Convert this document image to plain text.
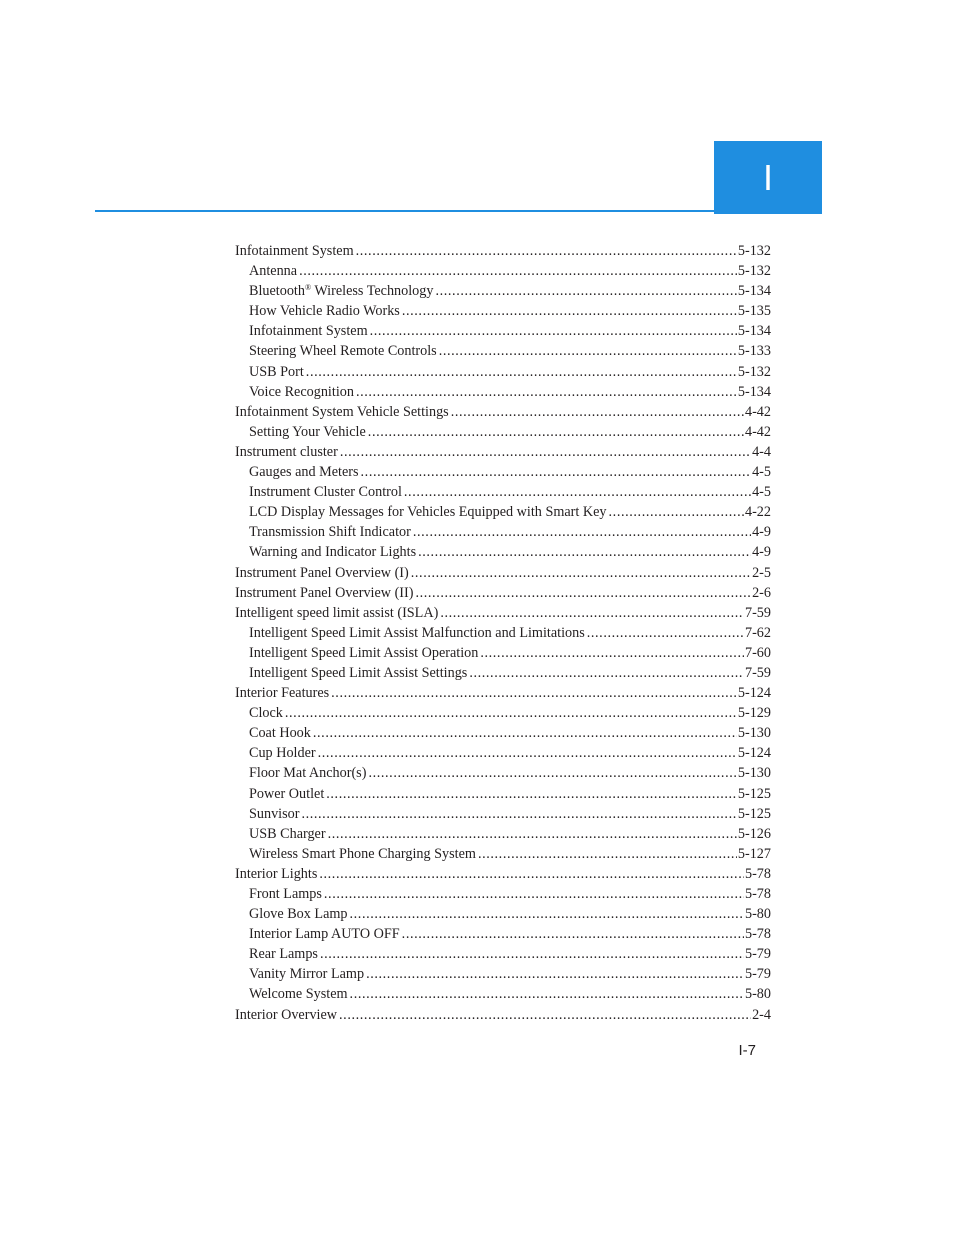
I
Infotainment System .....	5-132
Antenna .....	5-132
Bluetooth® Wireless Technology .....	5-134
How Vehicle Radio Works .....	5-135
Infotainment System .....	5-134
Steering Wheel Remote Controls .....	5-133
USB Port .....	5-132
Voice Recognition .....	5-134
Infotainment System Vehicle Settings .....	4-42
Setting Your Vehicle .....	4-42
Instrument cluster .....	4-4
Gauges and Meters .....	4-5
Instrument Cluster Control .....	4-5
LCD Display Messages for Vehicles Equipped with Smart Key .....	4-22
Transmission Shift Indicator .....	4-9
Warning and Indicator Lights .....	4-9
Instrument Panel Overview (I) .....	2-5
Instrument Panel Overview (II) .....	2-6
Intelligent speed limit assist (ISLA) .....	7-59
Intelligent Speed Limit Assist Malfunction and Limitations .....	7-62
Intelligent Speed Limit Assist Operation .....	7-60
Intelligent Speed Limit Assist Settings .....	7-59
Interior Features .....	5-124
Clock .....	5-129
Coat Hook .....	5-130
Cup Holder .....	5-124
Floor Mat Anchor(s) .....	5-130
Power Outlet .....	5-125
Sunvisor .....	5-125
USB Charger .....	5-126
Wireless Smart Phone Charging System .....	5-127
Interior Lights .....	5-78
Front Lamps .....	5-78
Glove Box Lamp .....	5-80
Interior Lamp AUTO OFF .....	5-78
Rear Lamps .....	5-79
Vanity Mirror Lamp .....	5-79
Welcome System .....	5-80
Interior Overview .....	2-4
I-7
